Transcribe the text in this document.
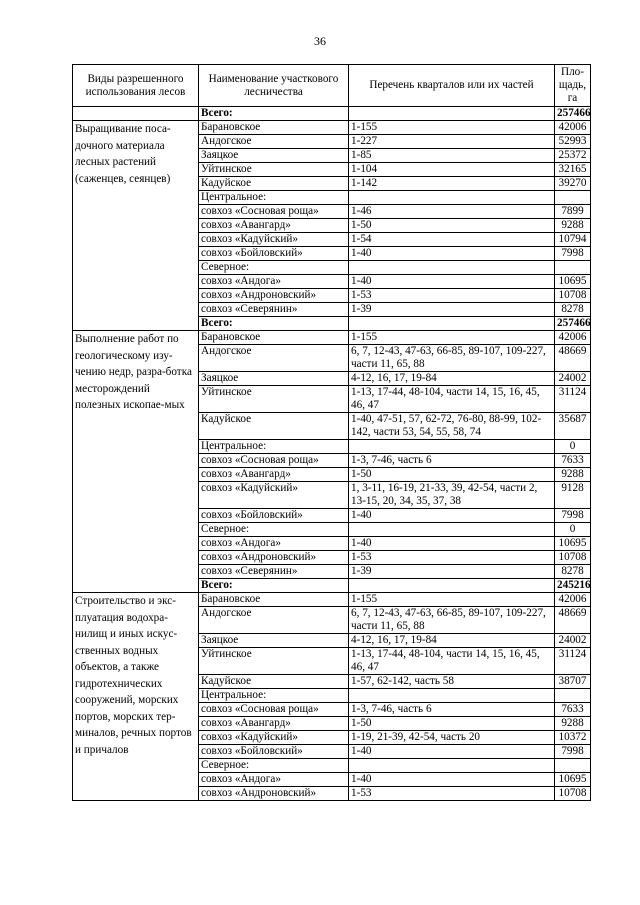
36
Виды разрешенного использования лесов	Наименование участкового лесничества	Перечень кварталов или их частей	Пло-щадь, га
	Всего:		257466
Выращивание поса-дочного материала лесных растений (саженцев, сеянцев)	Барановское	1-155	42006
	Андогское	1-227	52993
	Заяцкое	1-85	25372
	Уйтинское	1-104	32165
	Кадуйское	1-142	39270
	Центральное:		
	совхоз «Сосновая роща»	1-46	7899
	совхоз «Авангард»	1-50	9288
	совхоз «Кадуйский»	1-54	10794
	совхоз «Бойловский»	1-40	7998
	Северное:		
	совхоз «Андога»	1-40	10695
	совхоз «Андроновский»	1-53	10708
	совхоз «Северянин»	1-39	8278
	Всего:		257466
Выполнение работ по геологическому изу-чению недр, разра-ботка месторождений полезных ископае-мых	Барановское	1-155	42006
	Андогское	6, 7, 12-43, 47-63, 66-85, 89-107, 109-227, части 11, 65, 88	48669
	Заяцкое	4-12, 16, 17, 19-84	24002
	Уйтинское	1-13, 17-44, 48-104, части 14, 15, 16, 45, 46, 47	31124
	Кадуйское	1-40, 47-51, 57, 62-72, 76-80, 88-99, 102-142, части 53, 54, 55, 58, 74	35687
	Центральное:		0
	совхоз «Сосновая роща»	1-3, 7-46, часть 6	7633
	совхоз «Авангард»	1-50	9288
	совхоз «Кадуйский»	1, 3-11, 16-19, 21-33, 39, 42-54, части 2, 13-15, 20, 34, 35, 37, 38	9128
	совхоз «Бойловский»	1-40	7998
	Северное:		0
	совхоз «Андога»	1-40	10695
	совхоз «Андроновский»	1-53	10708
	совхоз «Северянин»	1-39	8278
	Всего:		245216
Строительство и экс-плуатация водохра-нилищ и иных искус-ственных водных объектов, а также гидротехнических сооружений, морских портов, морских тер-миналов, речных портов и причалов	Барановское	1-155	42006
	Андогское	6, 7, 12-43, 47-63, 66-85, 89-107, 109-227, части 11, 65, 88	48669
	Заяцкое	4-12, 16, 17, 19-84	24002
	Уйтинское	1-13, 17-44, 48-104, части 14, 15, 16, 45, 46, 47	31124
	Кадуйское	1-57, 62-142, часть 58	38707
	Центральное:		
	совхоз «Сосновая роща»	1-3, 7-46, часть 6	7633
	совхоз «Авангард»	1-50	9288
	совхоз «Кадуйский»	1-19, 21-39, 42-54, часть 20	10372
	совхоз «Бойловский»	1-40	7998
	Северное:		
	совхоз «Андога»	1-40	10695
	совхоз «Андроновский»	1-53	10708
